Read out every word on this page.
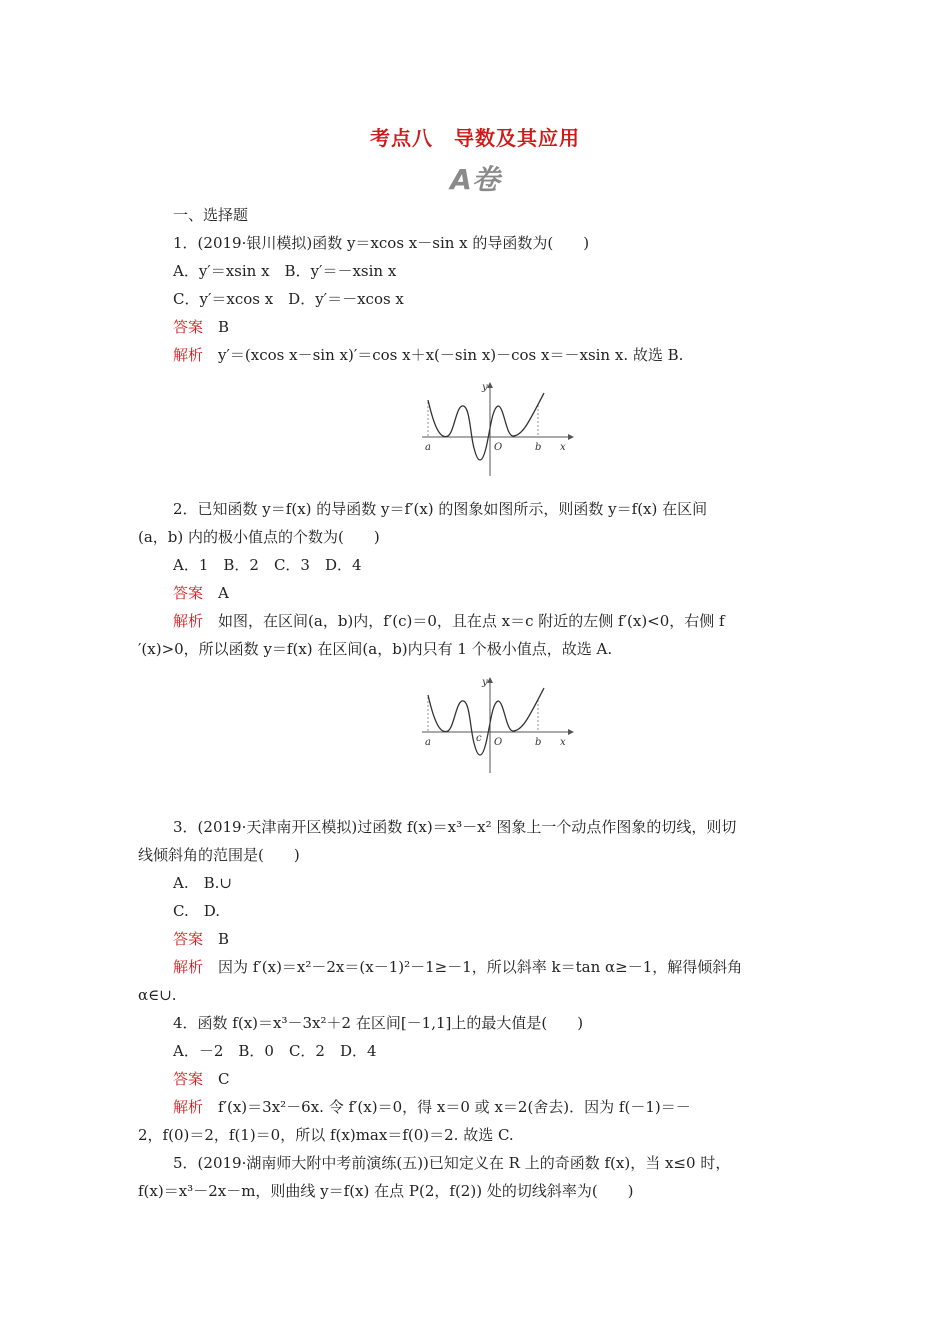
考点八　导数及其应用
A卷
一、选择题
1．(2019·银川模拟)函数 y＝xcos x－sin x 的导函数为(　　)
A．y′＝xsin x　B．y′＝－xsin x
C．y′＝xcos x　D．y′＝－xcos x
答案　 B
解析　 y′＝(xcos x－sin x)′＝cos x＋x(－sin x)－cos x＝－xsin x. 故选 B.
y
a	O	b x
2．已知函数 y＝f(x) 的导函数 y＝f′(x) 的图象如图所示，则函数 y＝f(x) 在区间
(a，b) 内的极小值点的个数为(　　)
A．1　B．2　C．3　D．4
答案　 A
解析　 如图，在区间(a，b)内，f′(c)＝0，且在点 x＝c 附近的左侧 f′(x)<0，右侧 f
′(x)>0，所以函数 y＝f(x) 在区间(a，b)内只有 1 个极小值点，故选 A.
y
a	c O	b x
3．(2019·天津南开区模拟)过函数 f(x)＝x³－x² 图象上一个动点作图象的切线，则切
线倾斜角的范围是(　　)
A.　B.∪
C.　D.
答案　 B
解析　 因为 f′(x)＝x²－2x＝(x－1)²－1≥－1，所以斜率 k＝tan α≥－1，解得倾斜角
α∈∪.
4．函数 f(x)＝x³－3x²＋2 在区间[－1,1]上的最大值是(　　)
A．－2　B．0　C．2　D．4
答案　 C
解析　 f′(x)＝3x²－6x. 令 f′(x)＝0，得 x＝0 或 x＝2(舍去)．因为 f(－1)＝－
2，f(0)＝2，f(1)＝0，所以 f(x)max＝f(0)＝2. 故选 C.
5．(2019·湖南师大附中考前演练(五))已知定义在 R 上的奇函数 f(x)，当 x≤0 时，
f(x)＝x³－2x－m，则曲线 y＝f(x) 在点 P(2，f(2)) 处的切线斜率为(　　)
